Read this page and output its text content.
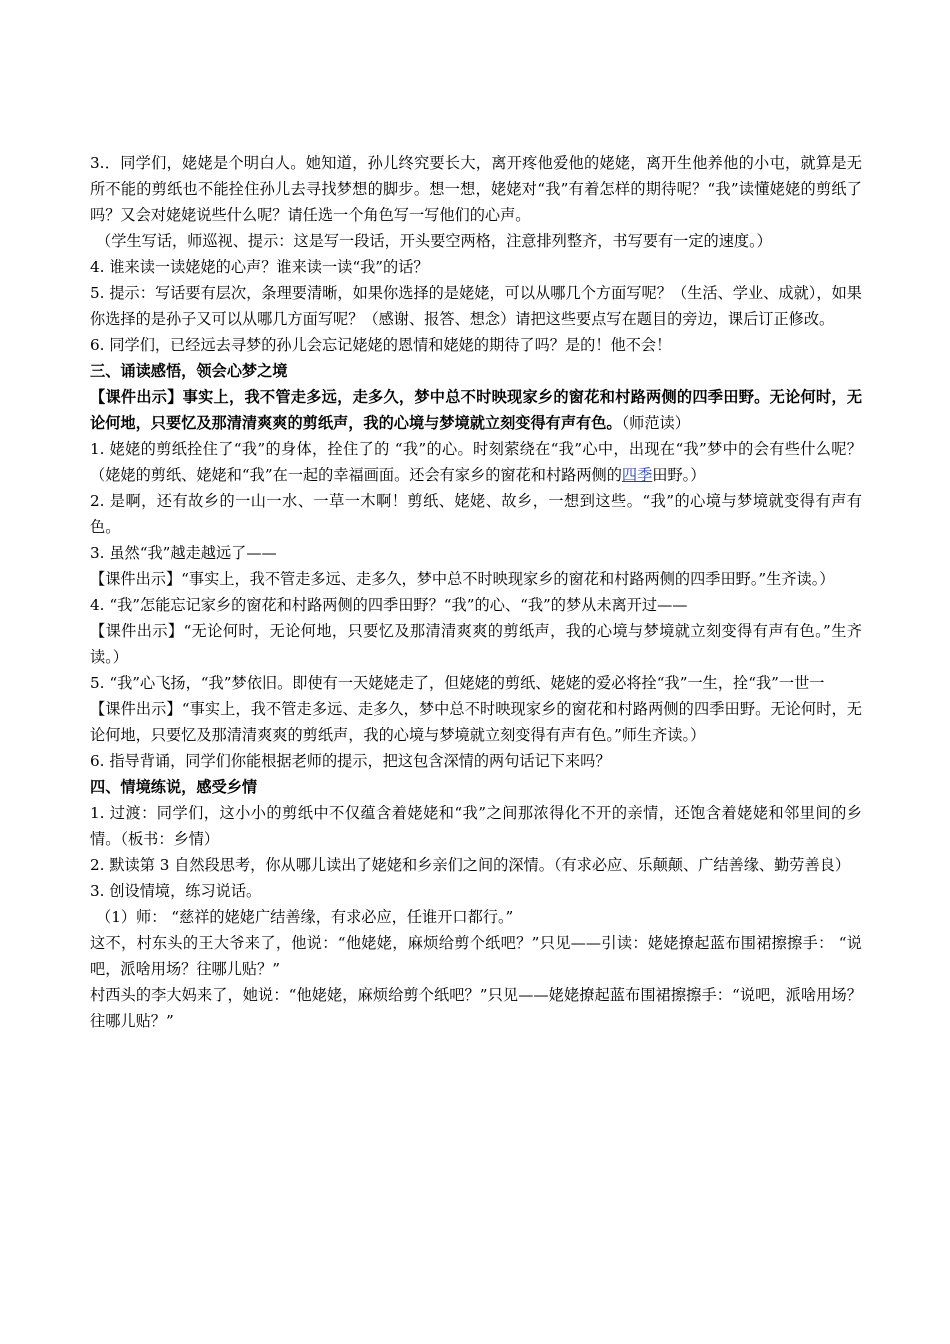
3.．同学们，姥姥是个明白人。她知道，孙儿终究要长大，离开疼他爱他的姥姥，离开生他养他的小屯，就算是无所不能的剪纸也不能拴住孙儿去寻找梦想的脚步。想一想，姥姥对“我”有着怎样的期待呢？“我”读懂姥姥的剪纸了吗？又会对姥姥说些什么呢？请任选一个角色写一写他们的心声。

（学生写话，师巡视、提示：这是写一段话，开头要空两格，注意排列整齐，书写要有一定的速度。）

4. 谁来读一读姥姥的心声？谁来读一读“我”的话？

5. 提示：写话要有层次，条理要清晰，如果你选择的是姥姥，可以从哪几个方面写呢？（生活、学业、成就），如果你选择的是孙子又可以从哪几方面写呢？（感谢、报答、想念）请把这些要点写在题目的旁边，课后订正修改。

6. 同学们，已经远去寻梦的孙儿会忘记姥姥的恩情和姥姥的期待了吗？是的！他不会！

三、诵读感悟，领会心梦之境

【课件出示】事实上，我不管走多远，走多久，梦中总不时映现家乡的窗花和村路两侧的四季田野。无论何时，无论何地，只要忆及那清清爽爽的剪纸声，我的心境与梦境就立刻变得有声有色。（师范读）

1. 姥姥的剪纸拴住了“我”的身体，拴住了的 “我”的心。时刻萦绕在“我”心中，出现在“我”梦中的会有些什么呢？（姥姥的剪纸、姥姥和“我”在一起的幸福画面。还会有家乡的窗花和村路两侧的四季田野。）

2. 是啊，还有故乡的一山一水、一草一木啊！剪纸、姥姥、故乡，一想到这些。“我”的心境与梦境就变得有声有色。

3. 虽然“我”越走越远了——

【课件出示】“事实上，我不管走多远、走多久，梦中总不时映现家乡的窗花和村路两侧的四季田野。”生齐读。）

4. “我”怎能忘记家乡的窗花和村路两侧的四季田野？“我”的心、“我”的梦从未离开过——

【课件出示】“无论何时，无论何地，只要忆及那清清爽爽的剪纸声，我的心境与梦境就立刻变得有声有色。”生齐读。）

5. “我”心飞扬，“我”梦依旧。即使有一天姥姥走了，但姥姥的剪纸、姥姥的爱必将拴“我”一生，拴“我”一世一

【课件出示】“事实上，我不管走多远、走多久，梦中总不时映现家乡的窗花和村路两侧的四季田野。无论何时，无论何地，只要忆及那清清爽爽的剪纸声，我的心境与梦境就立刻变得有声有色。”师生齐读。）

6. 指导背诵，同学们你能根据老师的提示，把这包含深情的两句话记下来吗？

四、情境练说，感受乡情

1. 过渡：同学们，这小小的剪纸中不仅蕴含着姥姥和“我”之间那浓得化不开的亲情，还饱含着姥姥和邻里间的乡情。（板书：乡情）

2. 默读第 3 自然段思考，你从哪儿读出了姥姥和乡亲们之间的深情。（有求必应、乐颠颠、广结善缘、勤劳善良）

3. 创设情境，练习说话。

（1）师： “慈祥的姥姥广结善缘，有求必应，任谁开口都行。”

这不，村东头的王大爷来了，他说：“他姥姥，麻烦给剪个纸吧？”只见——引读：姥姥撩起蓝布围裙擦擦手： “说吧，派啥用场？往哪儿贴？”

村西头的李大妈来了，她说：“他姥姥，麻烦给剪个纸吧？”只见——姥姥撩起蓝布围裙擦擦手：“说吧，派啥用场？往哪儿贴？”
